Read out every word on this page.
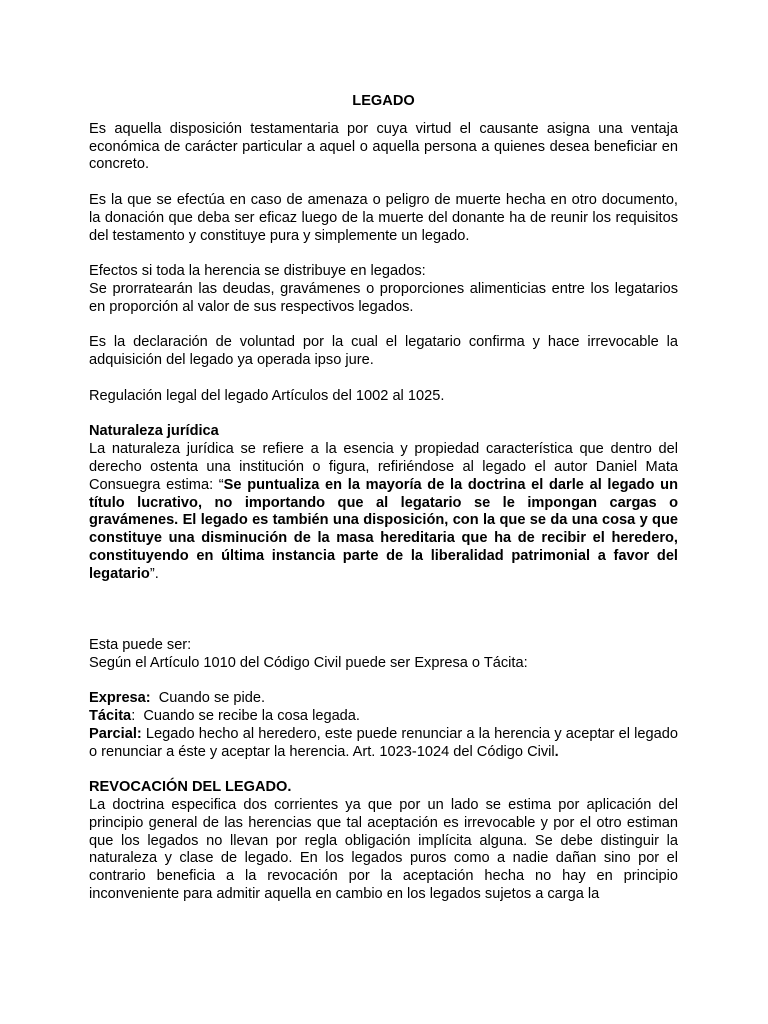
LEGADO

Es aquella disposición testamentaria por cuya virtud el causante asigna una ventaja económica de carácter particular a aquel o aquella persona a quienes desea beneficiar en concreto.

Es la que se efectúa en caso de amenaza o peligro de muerte hecha en otro documento, la donación que deba ser eficaz luego de la muerte del donante ha de reunir los requisitos del testamento y constituye pura y simplemente un legado.

Efectos si toda la herencia se distribuye en legados:

Se prorratearán las deudas, gravámenes o proporciones alimenticias entre los legatarios en proporción al valor de sus respectivos legados.

Es la declaración de voluntad por la cual el legatario confirma y hace irrevocable la adquisición del legado ya operada ipso jure.

Regulación legal del legado Artículos del 1002 al 1025.

Naturaleza jurídica

La naturaleza jurídica se refiere a la esencia y propiedad característica que dentro del derecho ostenta una institución o figura, refiriéndose al legado el autor Daniel Mata Consuegra estima: “Se puntualiza en la mayoría de la doctrina el darle al legado un título lucrativo, no importando que al legatario se le impongan cargas o gravámenes. El legado es también una disposición, con la que se da una cosa y que constituye una disminución de la masa hereditaria que ha de recibir el heredero, constituyendo en última instancia parte de la liberalidad patrimonial a favor del legatario”.

Esta puede ser:

Según el Artículo 1010 del Código Civil puede ser Expresa o Tácita:

Expresa:  Cuando se pide.

Tácita:  Cuando se recibe la cosa legada.

Parcial: Legado hecho al heredero, este puede renunciar a la herencia y aceptar el legado o renunciar a éste y aceptar la herencia. Art. 1023-1024 del Código Civil.

REVOCACIÓN DEL LEGADO.

La doctrina especifica dos corrientes ya que por un lado se estima por aplicación del principio general de las herencias que tal aceptación es irrevocable y por el otro estiman que los legados no llevan por regla obligación implícita alguna. Se debe distinguir la naturaleza y clase de legado. En los legados puros como a nadie dañan sino por el contrario beneficia a la revocación por la aceptación hecha no hay en principio inconveniente para admitir aquella en cambio en los legados sujetos a carga la
